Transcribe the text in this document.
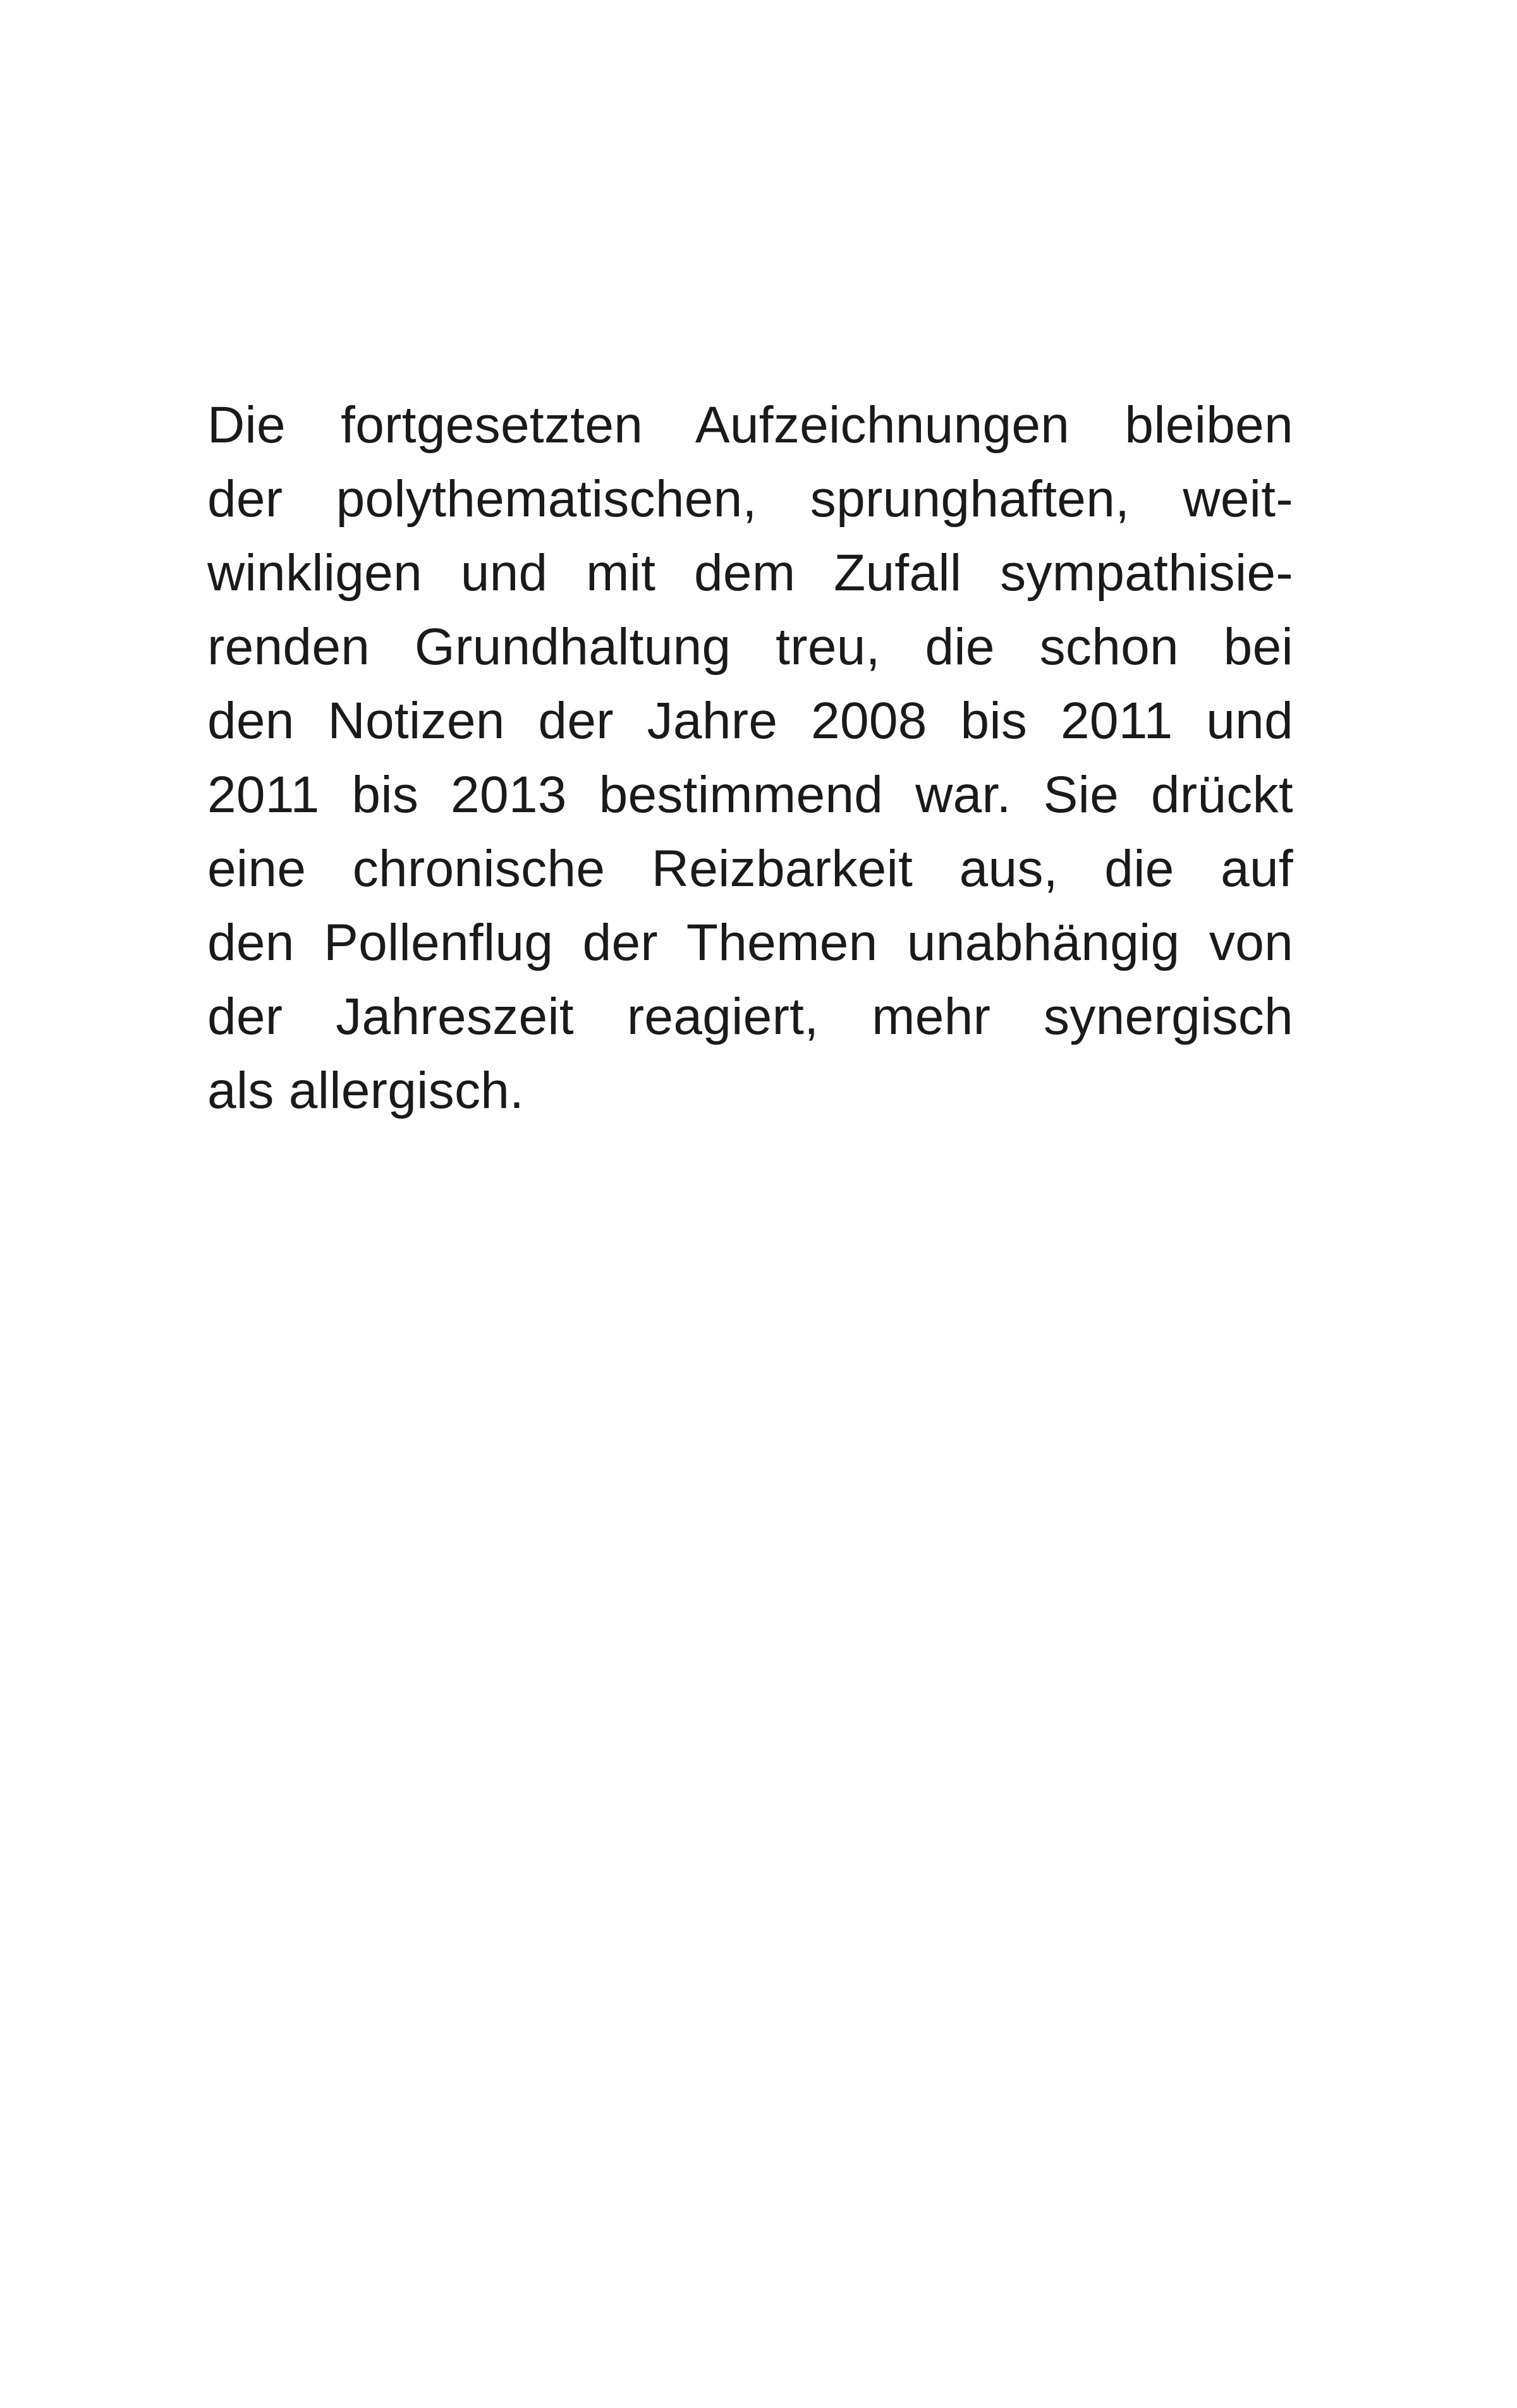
Die fortgesetzten Aufzeichnungen bleiben
der polythematischen, sprunghaften, weit-
winkligen und mit dem Zufall sympathisie-
renden Grundhaltung treu, die schon bei
den Notizen der Jahre 2008 bis 2011 und
2011 bis 2013 bestimmend war. Sie drückt
eine chronische Reizbarkeit aus, die auf
den Pollenflug der Themen unabhängig von
der Jahreszeit reagiert, mehr synergisch
als allergisch.
